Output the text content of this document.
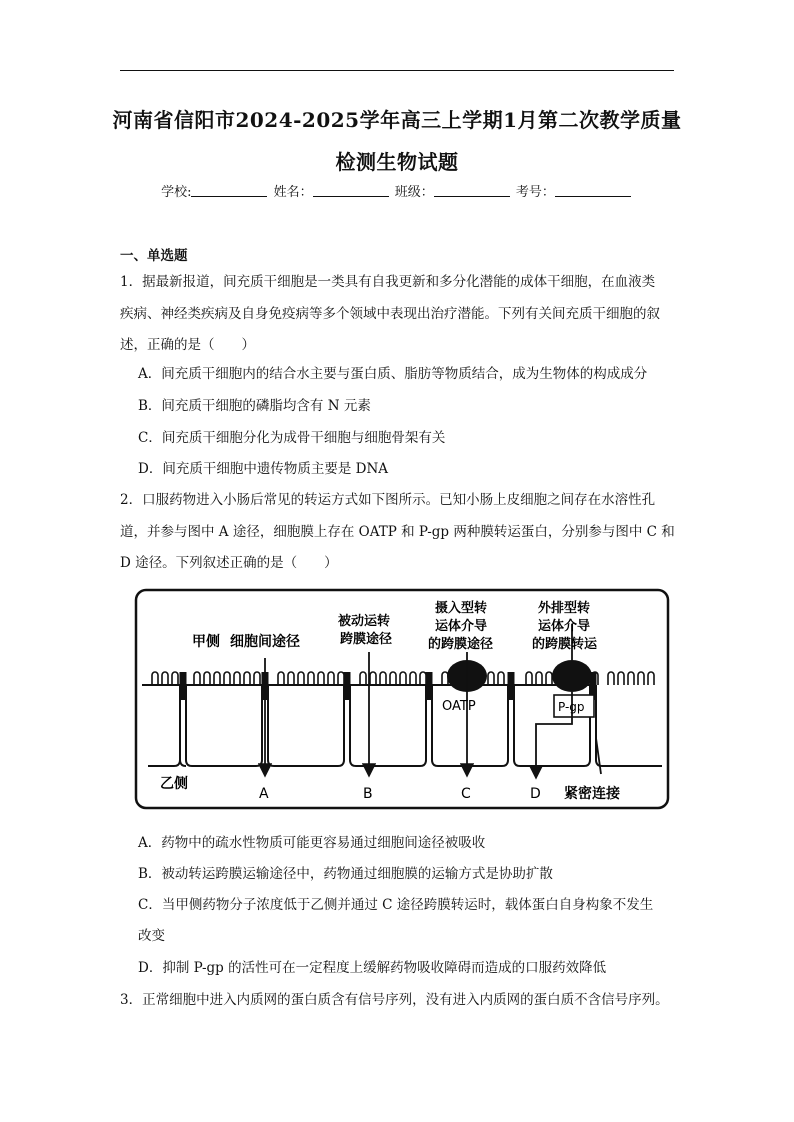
河南省信阳市2024-2025学年高三上学期1月第二次教学质量
检测生物试题
学校:	姓名：	班级：	考号：
一、单选题
1．据最新报道，间充质干细胞是一类具有自我更新和多分化潜能的成体干细胞，在血液类
疾病、神经类疾病及自身免疫病等多个领域中表现出治疗潜能。下列有关间充质干细胞的叙
述，正确的是（　　）
A．间充质干细胞内的结合水主要与蛋白质、脂肪等物质结合，成为生物体的构成成分
B．间充质干细胞的磷脂均含有 N 元素
C．间充质干细胞分化为成骨干细胞与细胞骨架有关
D．间充质干细胞中遗传物质主要是 DNA
2．口服药物进入小肠后常见的转运方式如下图所示。已知小肠上皮细胞之间存在水溶性孔
道，并参与图中 A 途径，细胞膜上存在 OATP 和 P-gp 两种膜转运蛋白，分别参与图中 C 和
D 途径。下列叙述正确的是（　　）
甲侧 细胞间途径
被动运转
跨膜途径
摄入型转
运体介导
的跨膜途径
外排型转
运体介导
的跨膜转运
OATP	P-gp
乙侧
A	B	C	D 紧密连接
A．药物中的疏水性物质可能更容易通过细胞间途径被吸收
B．被动转运跨膜运输途径中，药物通过细胞膜的运输方式是协助扩散
C．当甲侧药物分子浓度低于乙侧并通过 C 途径跨膜转运时，载体蛋白自身构象不发生
改变
D．抑制 P-gp 的活性可在一定程度上缓解药物吸收障碍而造成的口服药效降低
3．正常细胞中进入内质网的蛋白质含有信号序列，没有进入内质网的蛋白质不含信号序列。
